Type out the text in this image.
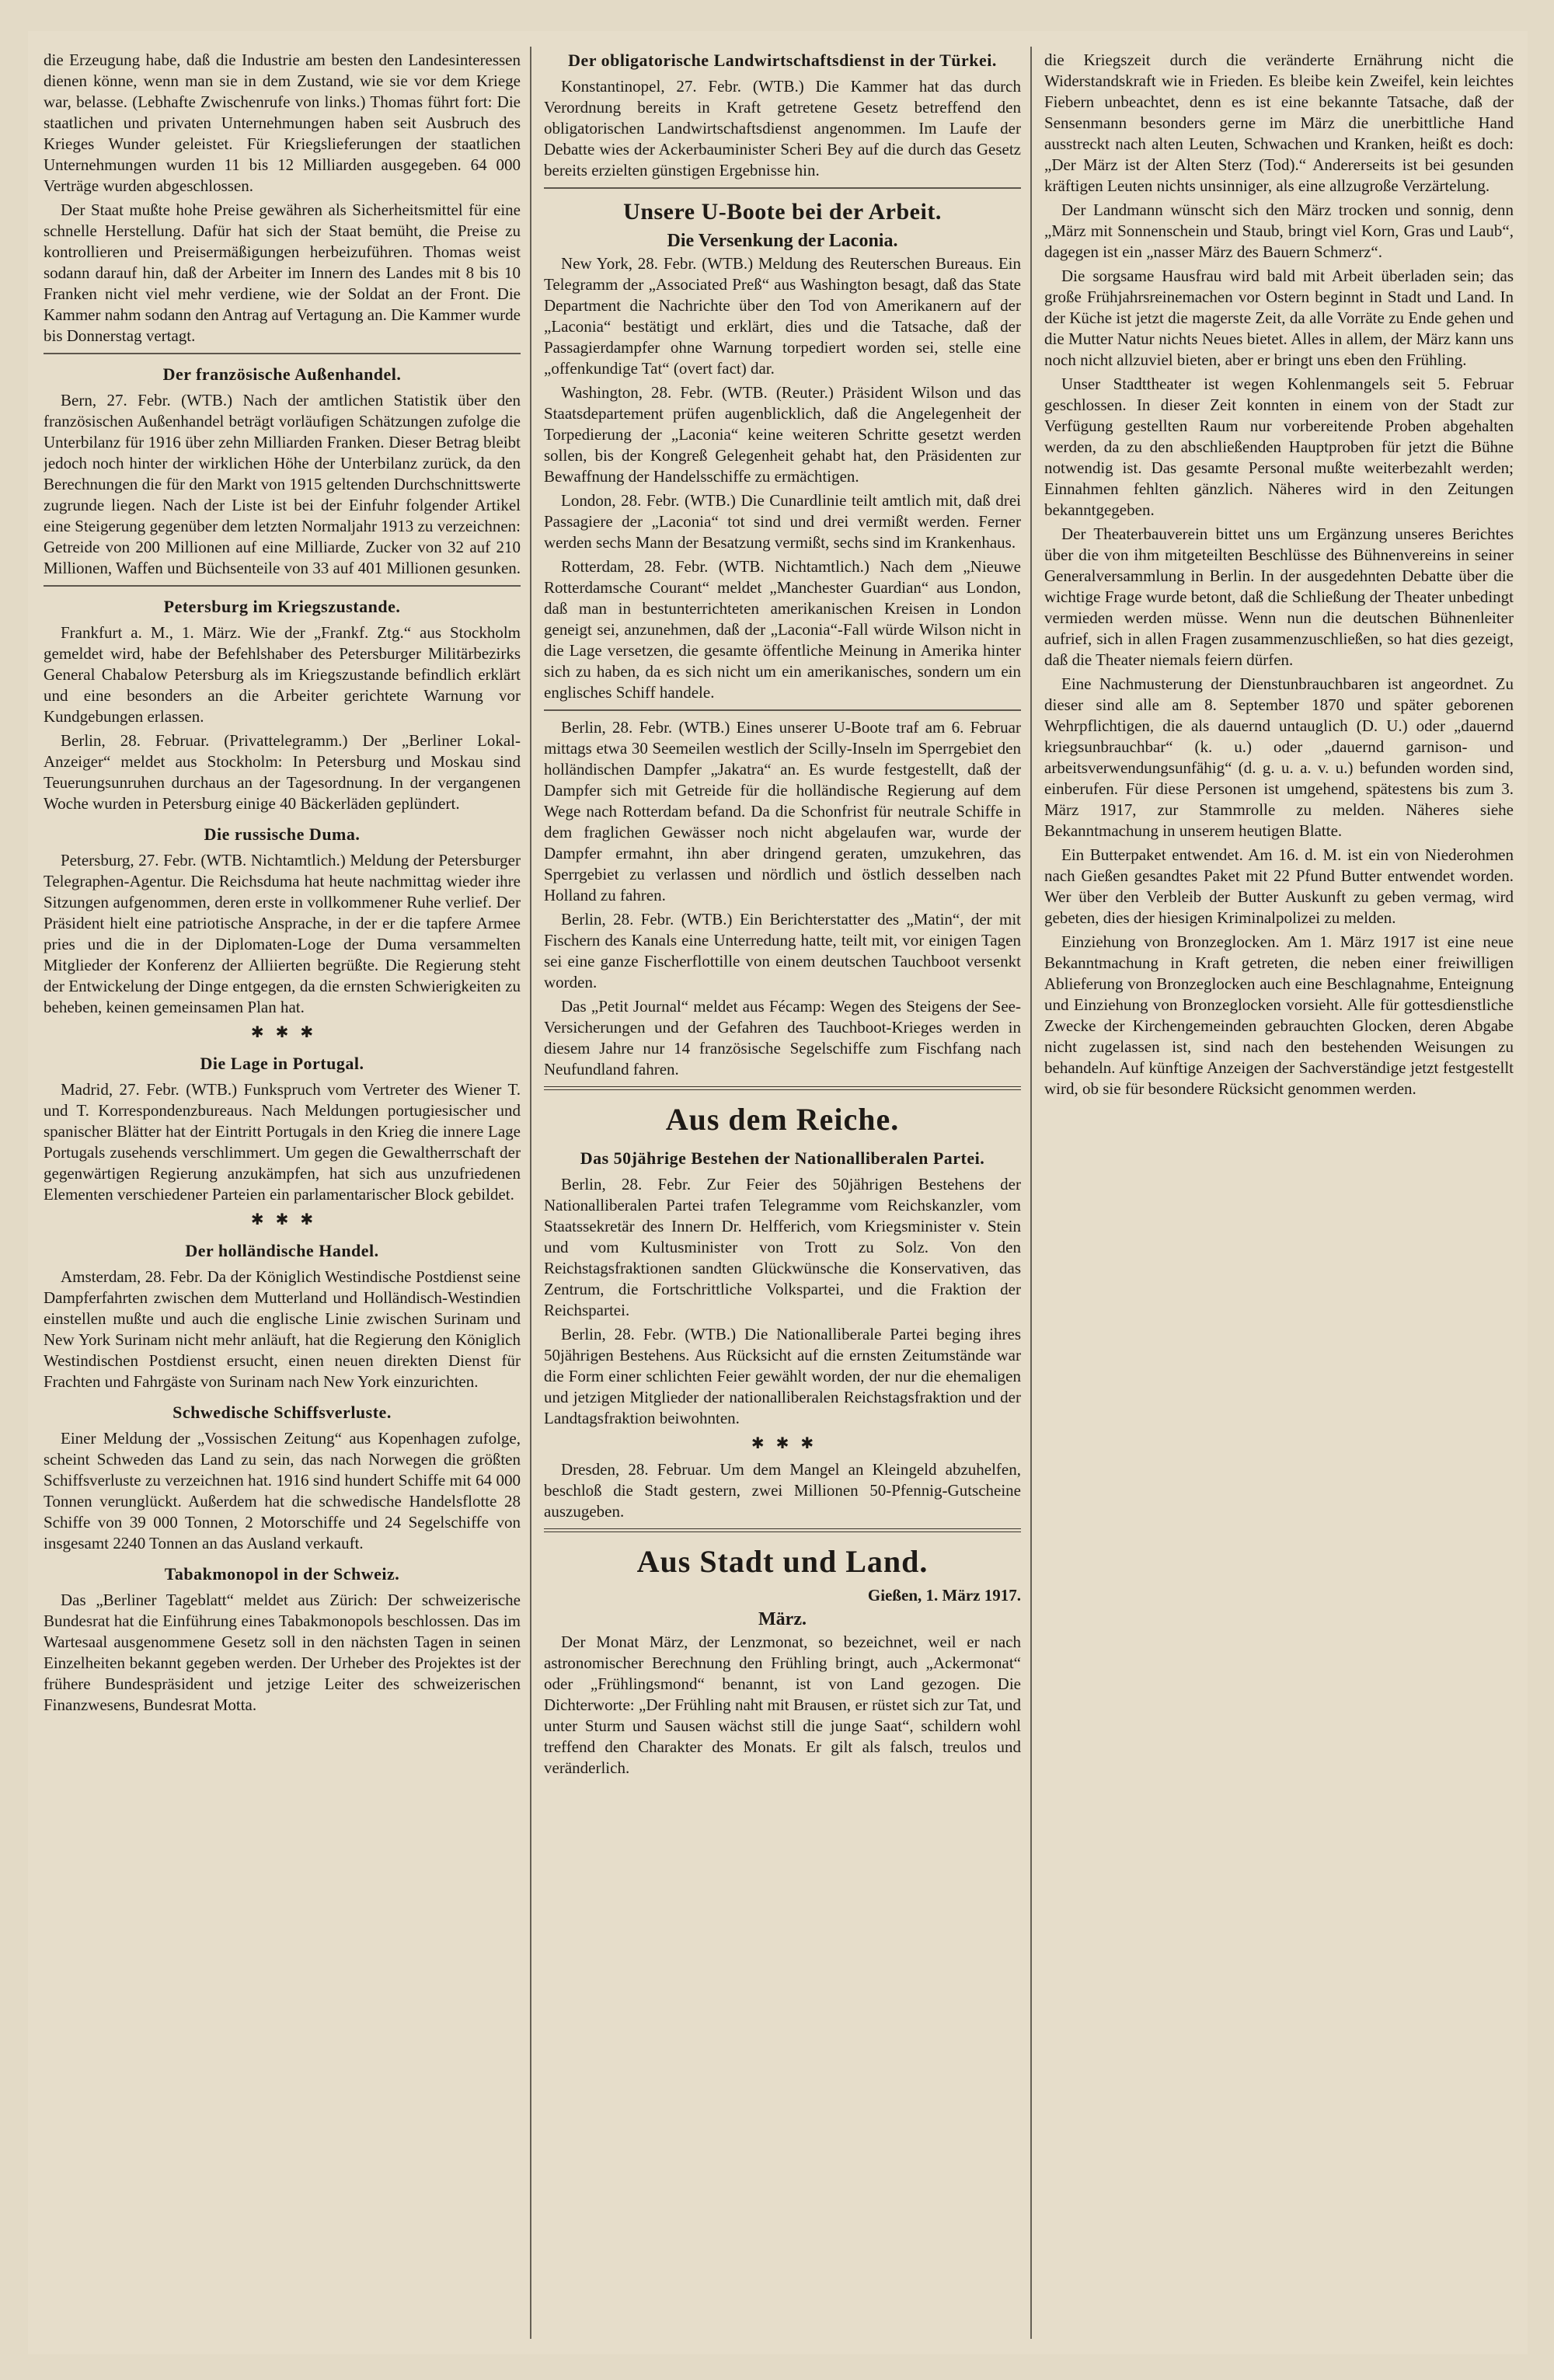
die Erzeugung habe, daß die Industrie am besten den Landesinteressen dienen könne, wenn man sie in dem Zustand, wie sie vor dem Kriege war, belasse. (Lebhafte Zwischenrufe von links.) Thomas führt fort: Die staatlichen und privaten Unternehmungen haben seit Ausbruch des Krieges Wunder geleistet. Für Kriegslieferungen der staatlichen Unternehmungen wurden 11 bis 12 Milliarden ausgegeben. 64 000 Verträge wurden abgeschlossen.

Der Staat mußte hohe Preise gewähren als Sicherheitsmittel für eine schnelle Herstellung. Dafür hat sich der Staat bemüht, die Preise zu kontrollieren und Preisermäßigungen herbeizuführen. Thomas weist sodann darauf hin, daß der Arbeiter im Innern des Landes mit 8 bis 10 Franken nicht viel mehr verdiene, wie der Soldat an der Front. Die Kammer nahm sodann den Antrag auf Vertagung an. Die Kammer wurde bis Donnerstag vertagt.

Der französische Außenhandel.

Bern, 27. Febr. (WTB.) Nach der amtlichen Statistik über den französischen Außenhandel beträgt vorläufigen Schätzungen zufolge die Unterbilanz für 1916 über zehn Milliarden Franken. Dieser Betrag bleibt jedoch noch hinter der wirklichen Höhe der Unterbilanz zurück, da den Berechnungen die für den Markt von 1915 geltenden Durchschnittswerte zugrunde liegen. Nach der Liste ist bei der Einfuhr folgender Artikel eine Steigerung gegenüber dem letzten Normaljahr 1913 zu verzeichnen: Getreide von 200 Millionen auf eine Milliarde, Zucker von 32 auf 210 Millionen, Waffen und Büchsenteile von 33 auf 401 Millionen gesunken.

Petersburg im Kriegszustande.

Frankfurt a. M., 1. März. Wie der „Frankf. Ztg.“ aus Stockholm gemeldet wird, habe der Befehlshaber des Petersburger Militärbezirks General Chabalow Petersburg als im Kriegszustande befindlich erklärt und eine besonders an die Arbeiter gerichtete Warnung vor Kundgebungen erlassen.

Berlin, 28. Februar. (Privattelegramm.) Der „Berliner Lokal-Anzeiger“ meldet aus Stockholm: In Petersburg und Moskau sind Teuerungsunruhen durchaus an der Tagesordnung. In der vergangenen Woche wurden in Petersburg einige 40 Bäckerläden geplündert.

Die russische Duma.

Petersburg, 27. Febr. (WTB. Nichtamtlich.) Meldung der Petersburger Telegraphen-Agentur. Die Reichsduma hat heute nachmittag wieder ihre Sitzungen aufgenommen, deren erste in vollkommener Ruhe verlief. Der Präsident hielt eine patriotische Ansprache, in der er die tapfere Armee pries und die in der Diplomaten-Loge der Duma versammelten Mitglieder der Konferenz der Alliierten begrüßte. Die Regierung steht der Entwickelung der Dinge entgegen, da die ernsten Schwierigkeiten zu beheben, keinen gemeinsamen Plan hat.

✱   ✱   ✱
Die Lage in Portugal.

Madrid, 27. Febr. (WTB.) Funkspruch vom Vertreter des Wiener T. und T. Korrespondenzbureaus. Nach Meldungen portugiesischer und spanischer Blätter hat der Eintritt Portugals in den Krieg die innere Lage Portugals zusehends verschlimmert. Um gegen die Gewaltherrschaft der gegenwärtigen Regierung anzukämpfen, hat sich aus unzufriedenen Elementen verschiedener Parteien ein parlamentarischer Block gebildet.

✱   ✱   ✱
Der holländische Handel.

Amsterdam, 28. Febr. Da der Königlich Westindische Postdienst seine Dampferfahrten zwischen dem Mutterland und Holländisch-Westindien einstellen mußte und auch die englische Linie zwischen Surinam und New York Surinam nicht mehr anläuft, hat die Regierung den Königlich Westindischen Postdienst ersucht, einen neuen direkten Dienst für Frachten und Fahrgäste von Surinam nach New York einzurichten.

Schwedische Schiffsverluste.

Einer Meldung der „Vossischen Zeitung“ aus Kopenhagen zufolge, scheint Schweden das Land zu sein, das nach Norwegen die größten Schiffsverluste zu verzeichnen hat. 1916 sind hundert Schiffe mit 64 000 Tonnen verunglückt. Außerdem hat die schwedische Handelsflotte 28 Schiffe von 39 000 Tonnen, 2 Motorschiffe und 24 Segelschiffe von insgesamt 2240 Tonnen an das Ausland verkauft.

Tabakmonopol in der Schweiz.

Das „Berliner Tageblatt“ meldet aus Zürich: Der schweizerische Bundesrat hat die Einführung eines Tabakmonopols beschlossen. Das im Wartesaal ausgenommene Gesetz soll in den nächsten Tagen in seinen Einzelheiten bekannt gegeben werden. Der Urheber des Projektes ist der frühere Bundespräsident und jetzige Leiter des schweizerischen Finanzwesens, Bundesrat Motta.

Der obligatorische Landwirtschaftsdienst in der Türkei.

Konstantinopel, 27. Febr. (WTB.) Die Kammer hat das durch Verordnung bereits in Kraft getretene Gesetz betreffend den obligatorischen Landwirtschaftsdienst angenommen. Im Laufe der Debatte wies der Ackerbauminister Scheri Bey auf die durch das Gesetz bereits erzielten günstigen Ergebnisse hin.

Unsere U-Boote bei der Arbeit.
Die Versenkung der Laconia.

New York, 28. Febr. (WTB.) Meldung des Reuterschen Bureaus. Ein Telegramm der „Associated Preß“ aus Washington besagt, daß das State Department die Nachrichte über den Tod von Amerikanern auf der „Laconia“ bestätigt und erklärt, dies und die Tatsache, daß der Passagierdampfer ohne Warnung torpediert worden sei, stelle eine „offenkundige Tat“ (overt fact) dar.

Washington, 28. Febr. (WTB. (Reuter.) Präsident Wilson und das Staatsdepartement prüfen augenblicklich, daß die Angelegenheit der Torpedierung der „Laconia“ keine weiteren Schritte gesetzt werden sollen, bis der Kongreß Gelegenheit gehabt hat, den Präsidenten zur Bewaffnung der Handelsschiffe zu ermächtigen.

London, 28. Febr. (WTB.) Die Cunardlinie teilt amtlich mit, daß drei Passagiere der „Laconia“ tot sind und drei vermißt werden. Ferner werden sechs Mann der Besatzung vermißt, sechs sind im Krankenhaus.

Rotterdam, 28. Febr. (WTB. Nichtamtlich.) Nach dem „Nieuwe Rotterdamsche Courant“ meldet „Manchester Guardian“ aus London, daß man in bestunterrichteten amerikanischen Kreisen in London geneigt sei, anzunehmen, daß der „Laconia“-Fall würde Wilson nicht in die Lage versetzen, die gesamte öffentliche Meinung in Amerika hinter sich zu haben, da es sich nicht um ein amerikanisches, sondern um ein englisches Schiff handele.

Berlin, 28. Febr. (WTB.) Eines unserer U-Boote traf am 6. Februar mittags etwa 30 Seemeilen westlich der Scilly-Inseln im Sperrgebiet den holländischen Dampfer „Jakatra“ an. Es wurde festgestellt, daß der Dampfer sich mit Getreide für die holländische Regierung auf dem Wege nach Rotterdam befand. Da die Schonfrist für neutrale Schiffe in dem fraglichen Gewässer noch nicht abgelaufen war, wurde der Dampfer ermahnt, ihn aber dringend geraten, umzukehren, das Sperrgebiet zu verlassen und nördlich und östlich desselben nach Holland zu fahren.

Berlin, 28. Febr. (WTB.) Ein Berichterstatter des „Matin“, der mit Fischern des Kanals eine Unterredung hatte, teilt mit, vor einigen Tagen sei eine ganze Fischerflottille von einem deutschen Tauchboot versenkt worden.

Das „Petit Journal“ meldet aus Fécamp: Wegen des Steigens der See-Versicherungen und der Gefahren des Tauchboot-Krieges werden in diesem Jahre nur 14 französische Segelschiffe zum Fischfang nach Neufundland fahren.

Aus dem Reiche.
Das 50jährige Bestehen der Nationalliberalen Partei.

Berlin, 28. Febr. Zur Feier des 50jährigen Bestehens der Nationalliberalen Partei trafen Telegramme vom Reichskanzler, vom Staatssekretär des Innern Dr. Helfferich, vom Kriegsminister v. Stein und vom Kultusminister von Trott zu Solz. Von den Reichstagsfraktionen sandten Glückwünsche die Konservativen, das Zentrum, die Fortschrittliche Volkspartei, und die Fraktion der Reichspartei.

Berlin, 28. Febr. (WTB.) Die Nationalliberale Partei beging ihres 50jährigen Bestehens. Aus Rücksicht auf die ernsten Zeitumstände war die Form einer schlichten Feier gewählt worden, der nur die ehemaligen und jetzigen Mitglieder der nationalliberalen Reichstagsfraktion und der Landtagsfraktion beiwohnten.

✱   ✱   ✱

Dresden, 28. Februar. Um dem Mangel an Kleingeld abzuhelfen, beschloß die Stadt gestern, zwei Millionen 50-Pfennig-Gutscheine auszugeben.

Aus Stadt und Land.
Gießen, 1. März 1917.
März.

Der Monat März, der Lenzmonat, so bezeichnet, weil er nach astronomischer Berechnung den Frühling bringt, auch „Ackermonat“ oder „Frühlingsmond“ benannt, ist von Land gezogen. Die Dichterworte: „Der Frühling naht mit Brausen, er rüstet sich zur Tat, und unter Sturm und Sausen wächst still die junge Saat“, schildern wohl treffend den Charakter des Monats. Er gilt als falsch, treulos und veränderlich.

die Kriegszeit durch die veränderte Ernährung nicht die Widerstandskraft wie in Frieden. Es bleibe kein Zweifel, kein leichtes Fiebern unbeachtet, denn es ist eine bekannte Tatsache, daß der Sensenmann besonders gerne im März die unerbittliche Hand ausstreckt nach alten Leuten, Schwachen und Kranken, heißt es doch: „Der März ist der Alten Sterz (Tod).“ Andererseits ist bei gesunden kräftigen Leuten nichts unsinniger, als eine allzugroße Verzärtelung.

Der Landmann wünscht sich den März trocken und sonnig, denn „März mit Sonnenschein und Staub, bringt viel Korn, Gras und Laub“, dagegen ist ein „nasser März des Bauern Schmerz“.

Die sorgsame Hausfrau wird bald mit Arbeit überladen sein; das große Frühjahrsreinemachen vor Ostern beginnt in Stadt und Land. In der Küche ist jetzt die magerste Zeit, da alle Vorräte zu Ende gehen und die Mutter Natur nichts Neues bietet. Alles in allem, der März kann uns noch nicht allzuviel bieten, aber er bringt uns eben den Frühling.

Unser Stadttheater ist wegen Kohlenmangels seit 5. Februar geschlossen. In dieser Zeit konnten in einem von der Stadt zur Verfügung gestellten Raum nur vorbereitende Proben abgehalten werden, da zu den abschließenden Hauptproben für jetzt die Bühne notwendig ist. Das gesamte Personal mußte weiterbezahlt werden; Einnahmen fehlten gänzlich. Näheres wird in den Zeitungen bekanntgegeben.

Der Theaterbauverein bittet uns um Ergänzung unseres Berichtes über die von ihm mitgeteilten Beschlüsse des Bühnenvereins in seiner Generalversammlung in Berlin. In der ausgedehnten Debatte über die wichtige Frage wurde betont, daß die Schließung der Theater unbedingt vermieden werden müsse. Wenn nun die deutschen Bühnenleiter aufrief, sich in allen Fragen zusammenzuschließen, so hat dies gezeigt, daß die Theater niemals feiern dürfen.

Eine Nachmusterung der Dienstunbrauchbaren ist angeordnet. Zu dieser sind alle am 8. September 1870 und später geborenen Wehrpflichtigen, die als dauernd untauglich (D. U.) oder „dauernd kriegsunbrauchbar“ (k. u.) oder „dauernd garnison- und arbeitsverwendungsunfähig“ (d. g. u. a. v. u.) befunden worden sind, einberufen. Für diese Personen ist umgehend, spätestens bis zum 3. März 1917, zur Stammrolle zu melden. Näheres siehe Bekanntmachung in unserem heutigen Blatte.

Ein Butterpaket entwendet. Am 16. d. M. ist ein von Niederohmen nach Gießen gesandtes Paket mit 22 Pfund Butter entwendet worden. Wer über den Verbleib der Butter Auskunft zu geben vermag, wird gebeten, dies der hiesigen Kriminalpolizei zu melden.

Einziehung von Bronzeglocken. Am 1. März 1917 ist eine neue Bekanntmachung in Kraft getreten, die neben einer freiwilligen Ablieferung von Bronzeglocken auch eine Beschlagnahme, Enteignung und Einziehung von Bronzeglocken vorsieht. Alle für gottesdienstliche Zwecke der Kirchengemeinden gebrauchten Glocken, deren Abgabe nicht zugelassen ist, sind nach den bestehenden Weisungen zu behandeln. Auf künftige Anzeigen der Sachverständige jetzt festgestellt wird, ob sie für besondere Rücksicht genommen werden.
